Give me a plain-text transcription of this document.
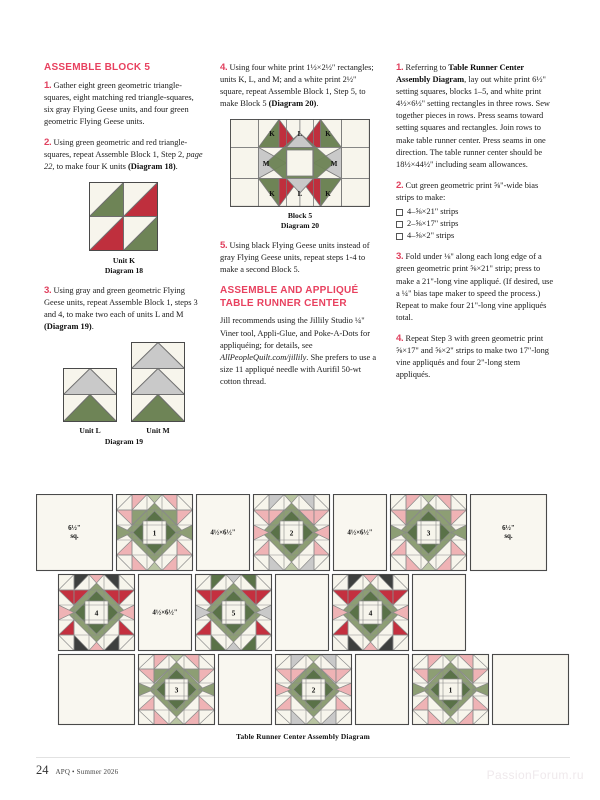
ASSEMBLE BLOCK 5

1. Gather eight green geometric triangle-squares, eight matching red triangle-squares, six gray Flying Geese units, and four green geometric Flying Geese units.

2. Using green geometric and red triangle-squares, repeat Assemble Block 1, Step 2, page 22, to make four K units (Diagram 18).

Unit K
Diagram 18

3. Using gray and green geometric Flying Geese units, repeat Assemble Block 1, steps 3 and 4, to make two each of units L and M (Diagram 19).

Unit L	Unit M
Diagram 19

4. Using four white print 1½×2½" rectangles; units K, L, and M; and a white print 2½" square, repeat Assemble Block 1, Step 5, to make Block 5 (Diagram 20).

K	L	K
M	M
K	L	K
Block 5
Diagram 20

5. Using black Flying Geese units instead of gray Flying Geese units, repeat steps 1-4 to make a second Block 5.

ASSEMBLE AND APPLIQUÉ TABLE RUNNER CENTER

Jill recommends using the Jillily Studio ¼" Viner tool, Appli-Glue, and Poke-A-Dots for appliquéing; for details, see AllPeopleQuilt.com/jillily. She prefers to use a size 11 appliqué needle with Aurifil 50-wt cotton thread.

1. Referring to Table Runner Center Assembly Diagram, lay out white print 6½" setting squares, blocks 1–5, and white print 4½×6½" setting rectangles in three rows. Sew together pieces in rows. Press seams toward setting squares and rectangles. Join rows to make table runner center. Press seams in one direction. The table runner center should be 18½×44½" including seam allowances.

2. Cut green geometric print ⅝"-wide bias strips to make:

4–⅝×21" strips
2–⅝×17" strips
4–⅝×2" strips

3. Fold under ⅛" along each long edge of a green geometric print ⅝×21" strip; press to make a 21"-long vine appliqué. (If desired, use a ¼" bias tape maker to speed the process.) Repeat to make four 21"-long vine appliqués total.

4. Repeat Step 3 with green geometric print ⅝×17" and ⅝×2" strips to make two 17"-long vine appliqués and four 2"-long stem appliqués.

6½"
sq.	1	4½×6½"	2	4½×6½"	3
6½"
sq.
4	4½×6½"	5	4
3	2	1
Table Runner Center Assembly Diagram
24 APQ • Summer 2026	PassionForum.ru
